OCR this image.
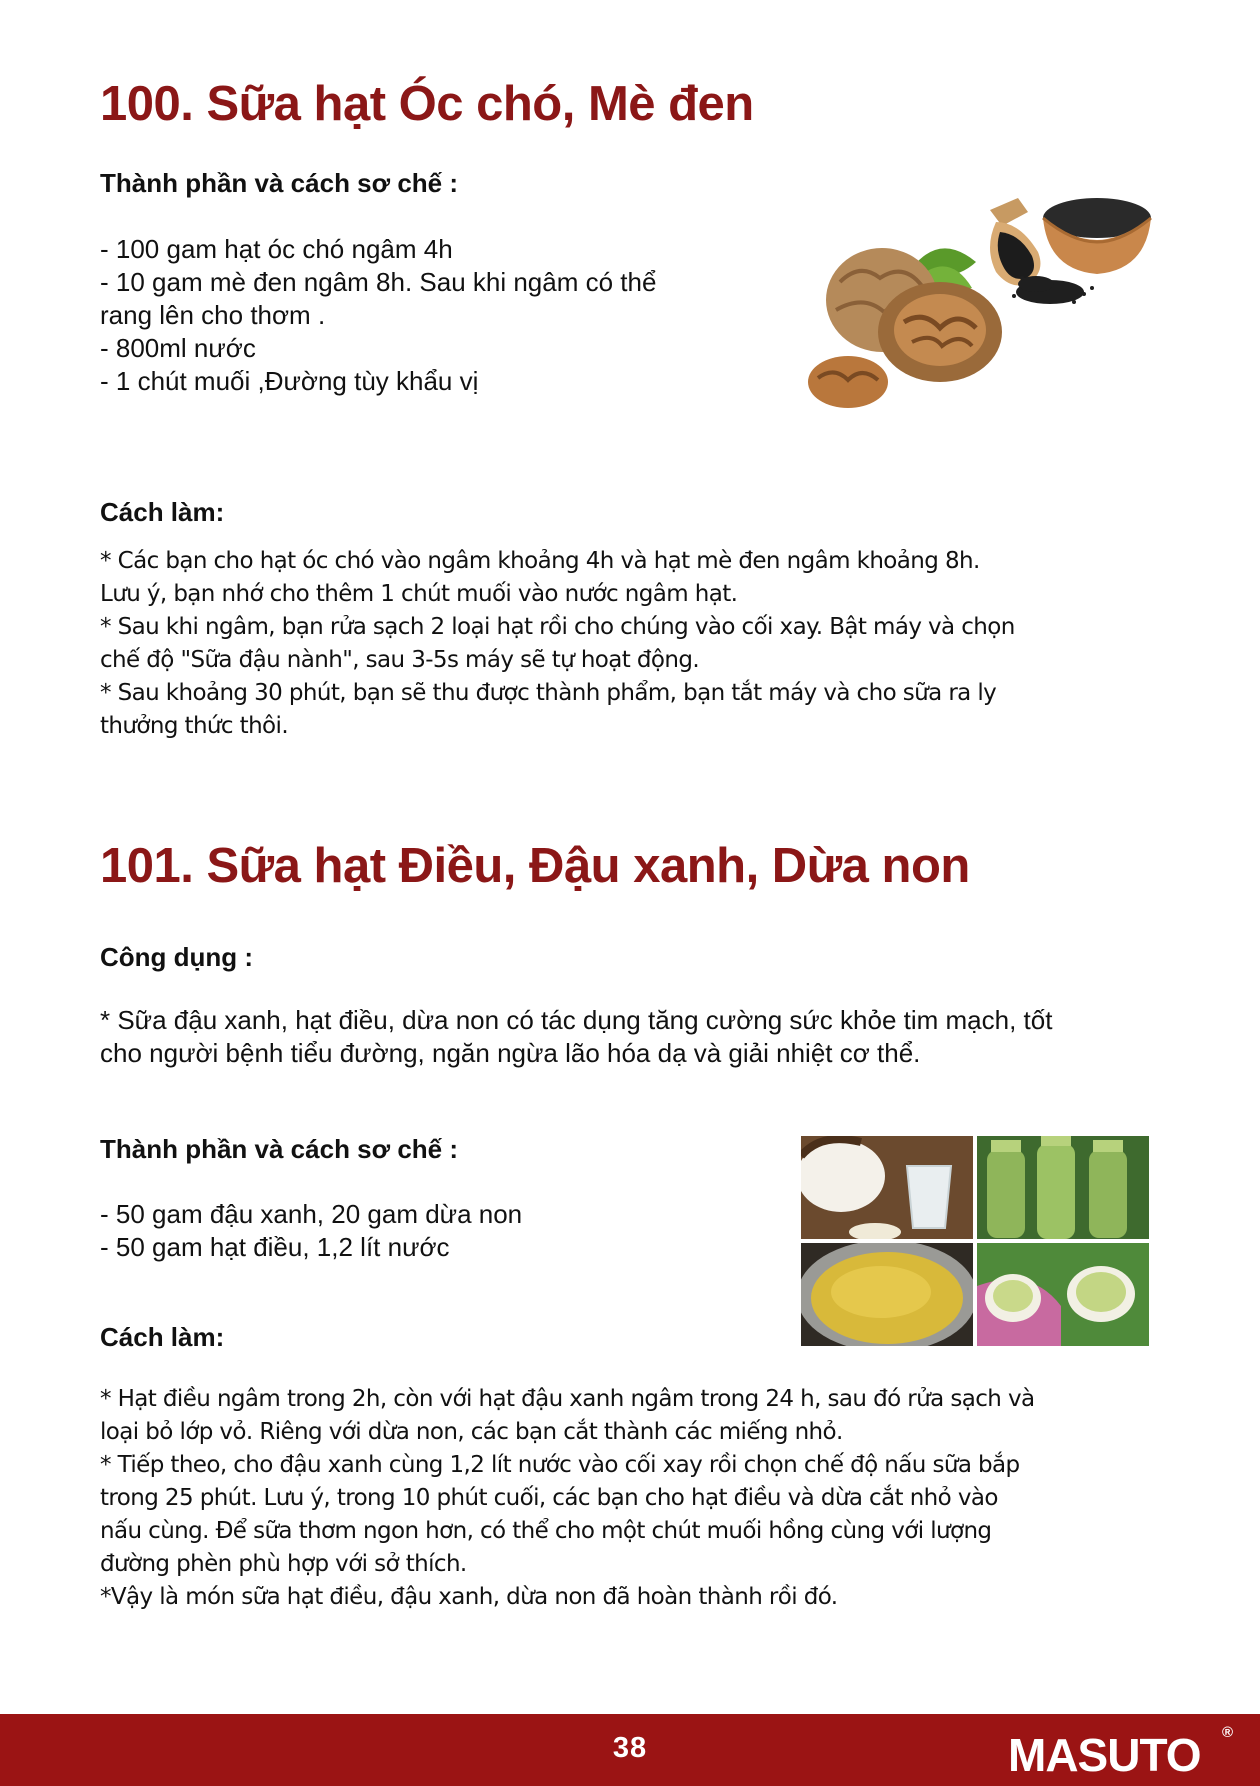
100. Sữa hạt Óc chó, Mè đen
Thành phần và cách sơ chế :
- 100 gam hạt óc chó ngâm 4h
- 10 gam mè đen ngâm 8h. Sau khi ngâm có thể
rang lên cho thơm .
- 800ml nước
- 1 chút muối ,Đường tùy khẩu vị
Cách làm:
* Các bạn cho hạt óc chó vào ngâm khoảng 4h và hạt mè đen ngâm khoảng 8h.
Lưu ý, bạn nhớ cho thêm 1 chút muối vào nước ngâm hạt.
* Sau khi ngâm, bạn rửa sạch 2 loại hạt rồi cho chúng vào cối xay. Bật máy và chọn
chế độ "Sữa đậu nành", sau 3-5s máy sẽ tự hoạt động.
* Sau khoảng 30 phút, bạn sẽ thu được thành phẩm, bạn tắt máy và cho sữa ra ly
thưởng thức thôi.
101. Sữa hạt Điều, Đậu xanh, Dừa non
Công dụng :
* Sữa đậu xanh, hạt điều, dừa non có tác dụng tăng cường sức khỏe tim mạch, tốt
cho người bệnh tiểu đường, ngăn ngừa lão hóa dạ và giải nhiệt cơ thể.
Thành phần và cách sơ chế :
- 50 gam đậu xanh, 20 gam dừa non
- 50 gam hạt điều, 1,2 lít nước
Cách làm:
* Hạt điều ngâm trong 2h, còn với hạt đậu xanh ngâm trong 24 h, sau đó rửa sạch và
loại bỏ lớp vỏ. Riêng với dừa non, các bạn cắt thành các miếng nhỏ.
* Tiếp theo, cho đậu xanh cùng 1,2 lít nước vào cối xay rồi chọn chế độ nấu sữa bắp
trong 25 phút. Lưu ý, trong 10 phút cuối, các bạn cho hạt điều và dừa cắt nhỏ vào
nấu cùng. Để sữa thơm ngon hơn, có thể cho một chút muối hồng cùng với lượng
đường phèn phù hợp với sở thích.
*Vậy là món sữa hạt điều, đậu xanh, dừa non đã hoàn thành rồi đó.
38	MASUTO ®
